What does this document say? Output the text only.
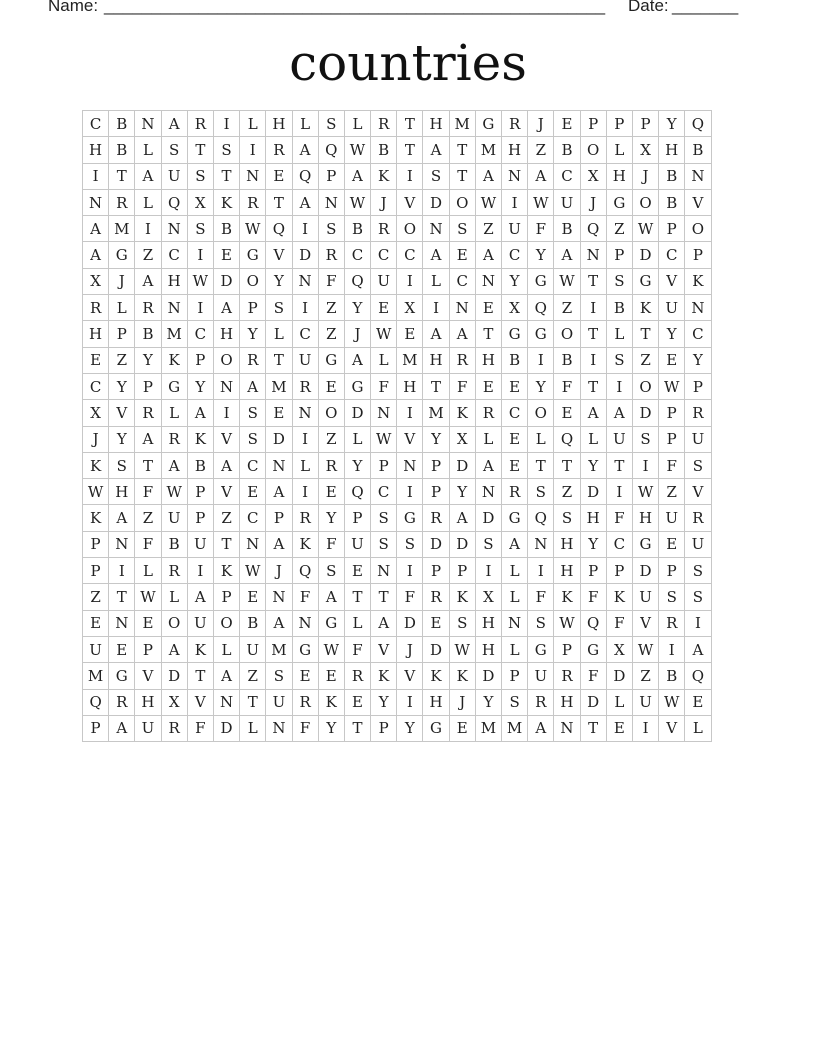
Name: _____________________________________________________ Date: _______
countries
C	B	N	A	R	I	L	H	L	S	L	R	T	H	M	G	R	J	E	P	P	P	Y	Q
H	B	L	S	T	S	I	R	A	Q	W	B	T	A	T	M	H	Z	B	O	L	X	H	B
I	T	A	U	S	T	N	E	Q	P	A	K	I	S	T	A	N	A	C	X	H	J	B	N
N	R	L	Q	X	K	R	T	A	N	W	J	V	D	O	W	I	W	U	J	G	O	B	V
A	M	I	N	S	B	W	Q	I	S	B	R	O	N	S	Z	U	F	B	Q	Z	W	P	O
A	G	Z	C	I	E	G	V	D	R	C	C	C	A	E	A	C	Y	A	N	P	D	C	P
X	J	A	H	W	D	O	Y	N	F	Q	U	I	L	C	N	Y	G	W	T	S	G	V	K
R	L	R	N	I	A	P	S	I	Z	Y	E	X	I	N	E	X	Q	Z	I	B	K	U	N
H	P	B	M	C	H	Y	L	C	Z	J	W	E	A	A	T	G	G	O	T	L	T	Y	C
E	Z	Y	K	P	O	R	T	U	G	A	L	M	H	R	H	B	I	B	I	S	Z	E	Y
C	Y	P	G	Y	N	A	M	R	E	G	F	H	T	F	E	E	Y	F	T	I	O	W	P
X	V	R	L	A	I	S	E	N	O	D	N	I	M	K	R	C	O	E	A	A	D	P	R
J	Y	A	R	K	V	S	D	I	Z	L	W	V	Y	X	L	E	L	Q	L	U	S	P	U
K	S	T	A	B	A	C	N	L	R	Y	P	N	P	D	A	E	T	T	Y	T	I	F	S
W	H	F	W	P	V	E	A	I	E	Q	C	I	P	Y	N	R	S	Z	D	I	W	Z	V
K	A	Z	U	P	Z	C	P	R	Y	P	S	G	R	A	D	G	Q	S	H	F	H	U	R
P	N	F	B	U	T	N	A	K	F	U	S	S	D	D	S	A	N	H	Y	C	G	E	U
P	I	L	R	I	K	W	J	Q	S	E	N	I	P	P	I	L	I	H	P	P	D	P	S
Z	T	W	L	A	P	E	N	F	A	T	T	F	R	K	X	L	F	K	F	K	U	S	S
E	N	E	O	U	O	B	A	N	G	L	A	D	E	S	H	N	S	W	Q	F	V	R	I
U	E	P	A	K	L	U	M	G	W	F	V	J	D	W	H	L	G	P	G	X	W	I	A
M	G	V	D	T	A	Z	S	E	E	R	K	V	K	K	D	P	U	R	F	D	Z	B	Q
Q	R	H	X	V	N	T	U	R	K	E	Y	I	H	J	Y	S	R	H	D	L	U	W	E
P	A	U	R	F	D	L	N	F	Y	T	P	Y	G	E	M	M	A	N	T	E	I	V	L
